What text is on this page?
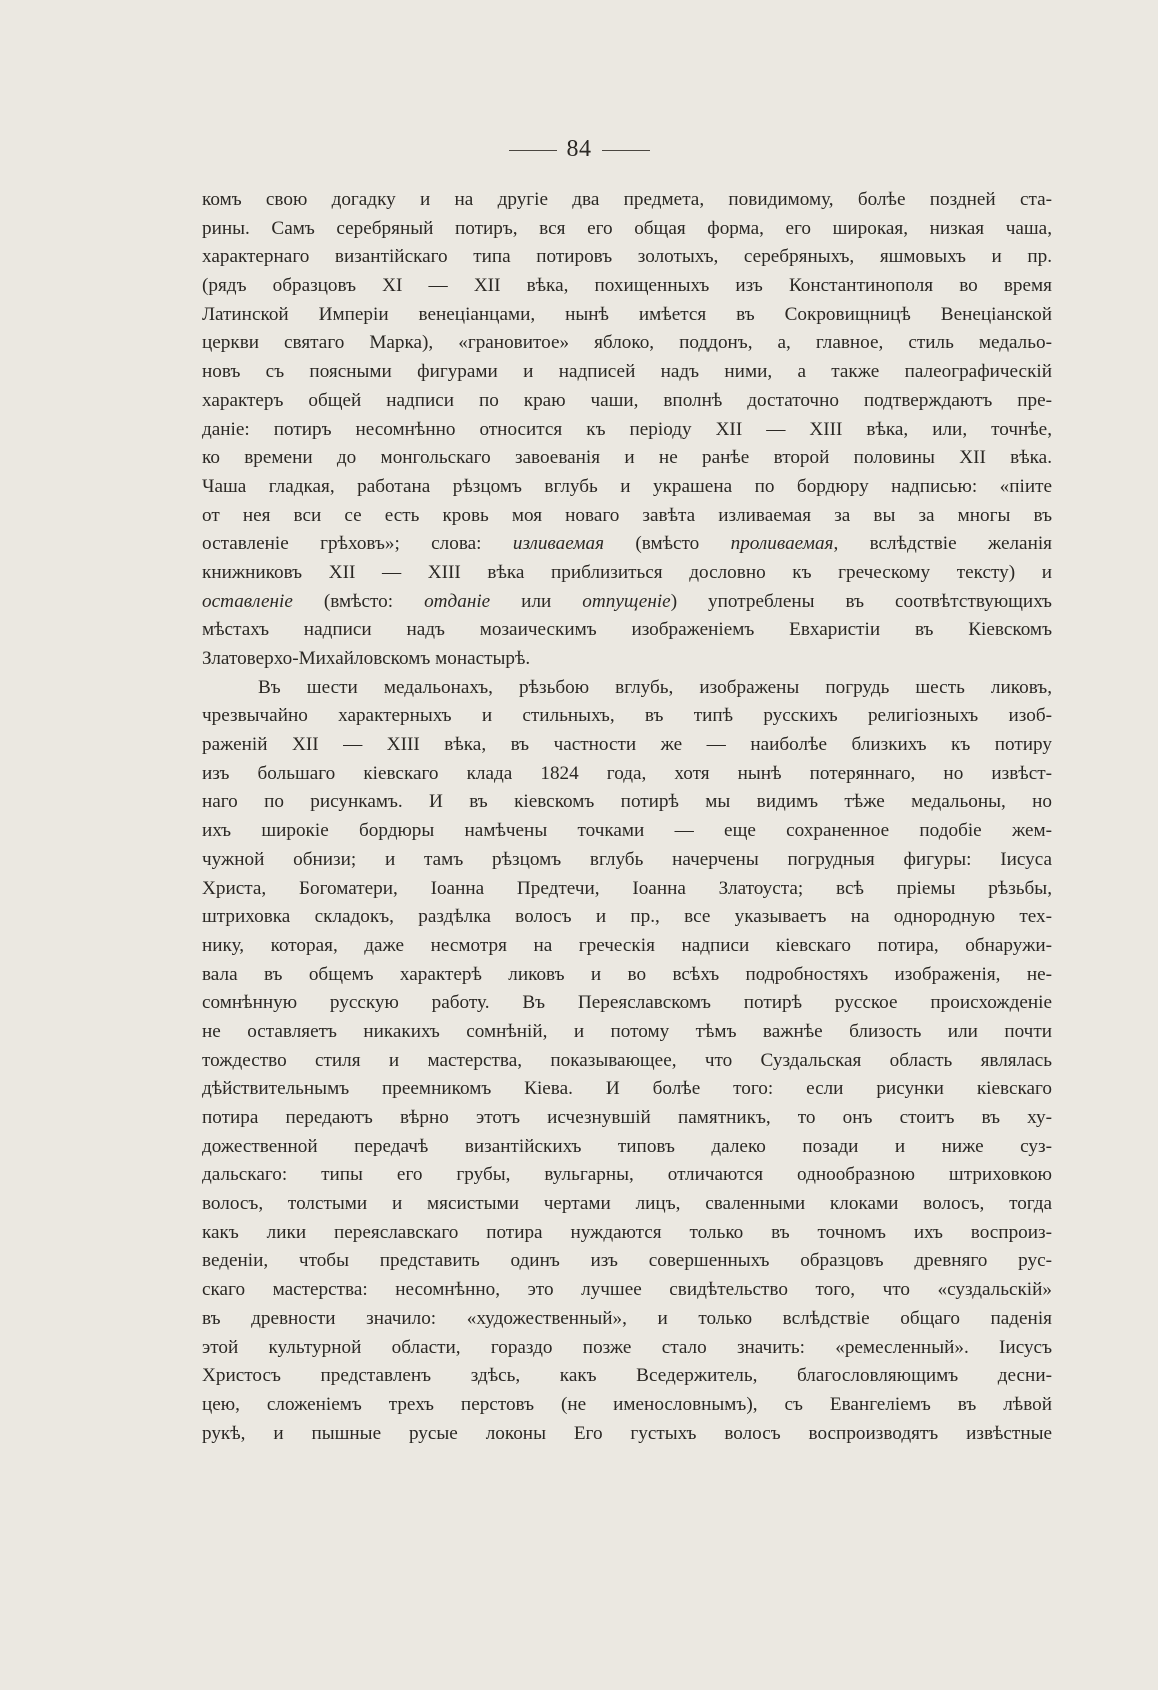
84
комъ свою догадку и на другіе два предмета, повидимому, болѣе поздней ста-
рины. Самъ серебряный потиръ, вся его общая форма, его широкая, низкая чаша,
характернаго византійскаго типа потировъ золотыхъ, серебряныхъ, яшмовыхъ и пр.
(рядъ образцовъ XI — XII вѣка, похищенныхъ изъ Константинополя во время
Латинской Имперіи венеціанцами, нынѣ имѣется въ Сокровищницѣ Венеціанской
церкви святаго Марка), «грановитое» яблоко, поддонъ, а, главное, стиль медальо-
новъ съ поясными фигурами и надписей надъ ними, а также палеографическій
характеръ общей надписи по краю чаши, вполнѣ достаточно подтверждаютъ пре-
даніе: потиръ несомнѣнно относится къ періоду XII — XIII вѣка, или, точнѣе,
ко времени до монгольскаго завоеванія и не ранѣе второй половины XII вѣка.
Чаша гладкая, работана рѣзцомъ вглубь и украшена по бордюру надписью: «піите
от нея вси се есть кровь моя новаго завѣта изливаемая за вы за многы въ
оставленіе грѣховъ»; слова: изливаемая (вмѣсто проливаемая, вслѣдствіе желанія
книжниковъ XII — XIII вѣка приблизиться дословно къ греческому тексту) и
оставленіе (вмѣсто: отданіе или отпущеніе) употреблены въ соотвѣтствующихъ
мѣстахъ надписи надъ мозаическимъ изображеніемъ Евхаристіи въ Кіевскомъ
Златоверхо-Михайловскомъ монастырѣ.
Въ шести медальонахъ, рѣзьбою вглубь, изображены погрудь шесть ликовъ,
чрезвычайно характерныхъ и стильныхъ, въ типѣ русскихъ религіозныхъ изоб-
раженій XII — XIII вѣка, въ частности же — наиболѣе близкихъ къ потиру
изъ большаго кіевскаго клада 1824 года, хотя нынѣ потеряннаго, но извѣст-
наго по рисункамъ. И въ кіевскомъ потирѣ мы видимъ тѣже медальоны, но
ихъ широкіе бордюры намѣчены точками — еще сохраненное подобіе жем-
чужной обнизи; и тамъ рѣзцомъ вглубь начерчены погрудныя фигуры: Іисуса
Христа, Богоматери, Іоанна Предтечи, Іоанна Златоуста; всѣ пріемы рѣзьбы,
штриховка складокъ, раздѣлка волосъ и пр., все указываетъ на однородную тех-
нику, которая, даже несмотря на греческія надписи кіевскаго потира, обнаружи-
вала въ общемъ характерѣ ликовъ и во всѣхъ подробностяхъ изображенія, не-
сомнѣнную русскую работу. Въ Переяславскомъ потирѣ русское происхожденіе
не оставляетъ никакихъ сомнѣній, и потому тѣмъ важнѣе близость или почти
тождество стиля и мастерства, показывающее, что Суздальская область являлась
дѣйствительнымъ преемникомъ Кіева. И болѣе того: если рисунки кіевскаго
потира передаютъ вѣрно этотъ исчезнувшій памятникъ, то онъ стоитъ въ ху-
дожественной передачѣ византійскихъ типовъ далеко позади и ниже суз-
дальскаго: типы его грубы, вульгарны, отличаются однообразною штриховкою
волосъ, толстыми и мясистыми чертами лицъ, сваленными клоками волосъ, тогда
какъ лики переяславскаго потира нуждаются только въ точномъ ихъ воспроиз-
веденіи, чтобы представить одинъ изъ совершенныхъ образцовъ древняго рус-
скаго мастерства: несомнѣнно, это лучшее свидѣтельство того, что «суздальскій»
въ древности значило: «художественный», и только вслѣдствіе общаго паденія
этой культурной области, гораздо позже стало значить: «ремесленный». Іисусъ
Христосъ представленъ здѣсь, какъ Вседержитель, благословляющимъ десни-
цею, сложеніемъ трехъ перстовъ (не именословнымъ), съ Евангеліемъ въ лѣвой
рукѣ, и пышные русые локоны Его густыхъ волосъ воспроизводятъ извѣстные
